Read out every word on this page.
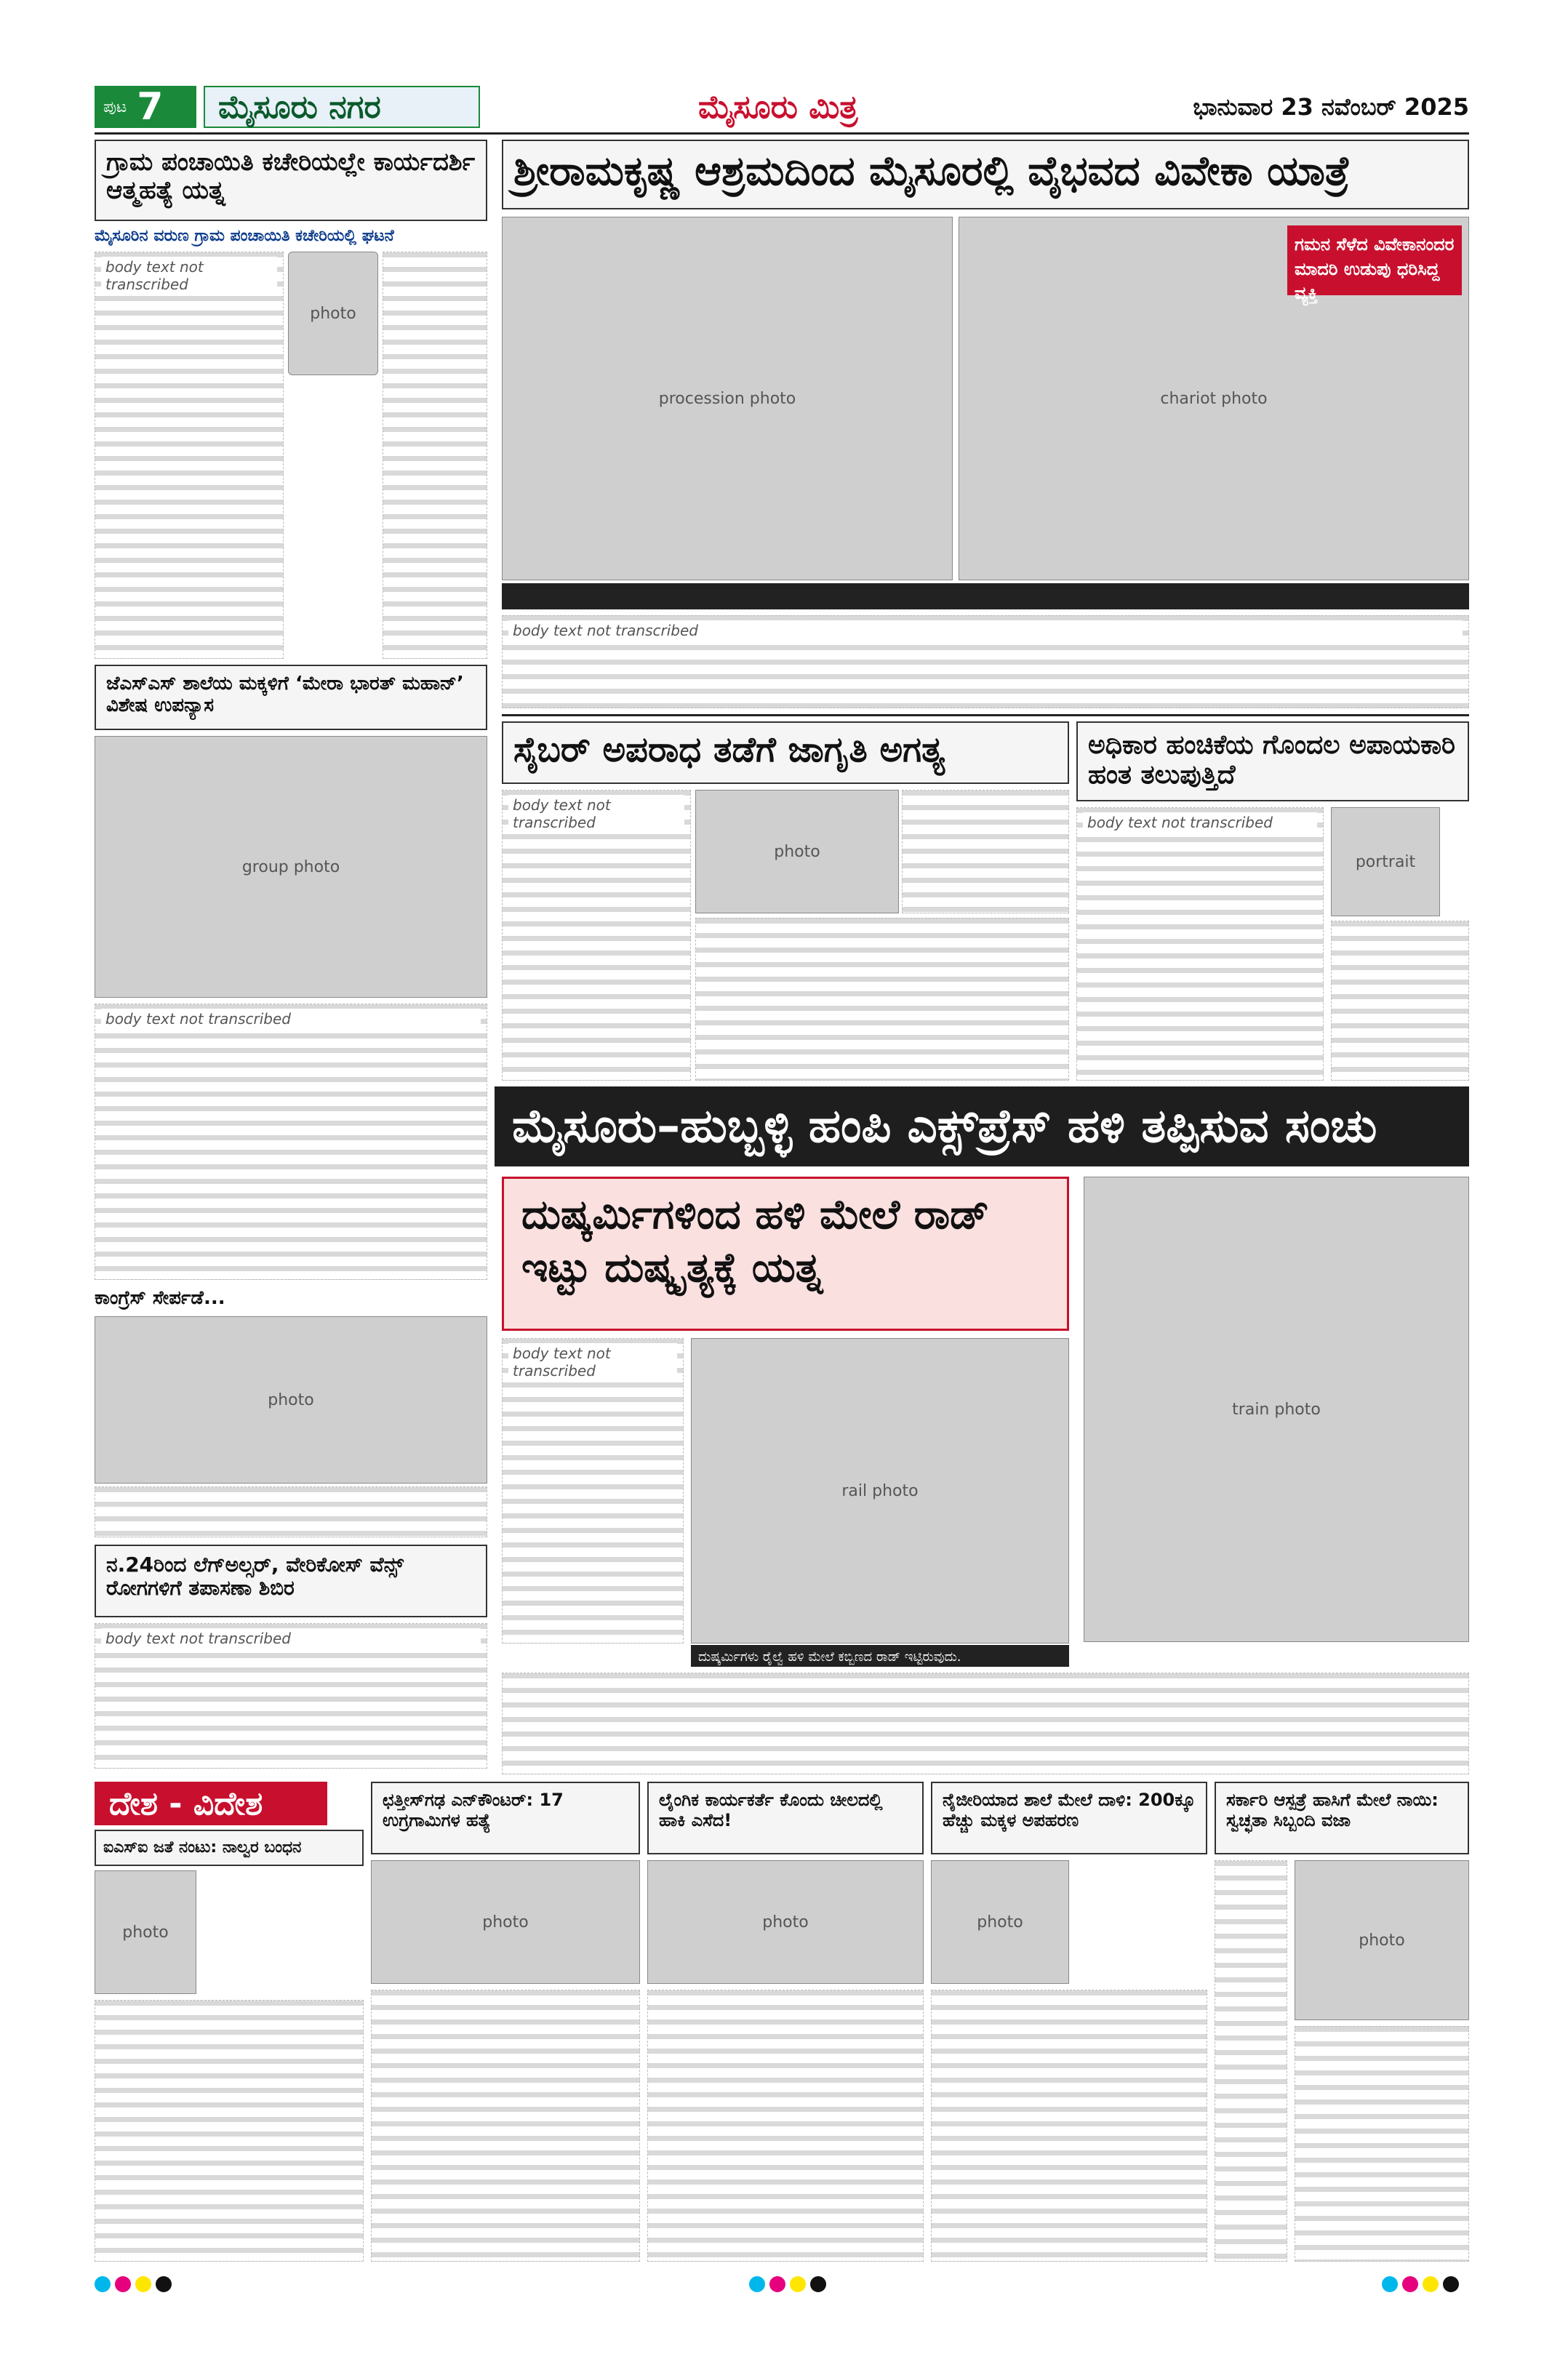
ಪುಟ 7	ಮೈಸೂರು ನಗರ	ಮೈಸೂರು ಮಿತ್ರ	ಭಾನುವಾರ 23 ನವೆಂಬರ್ 2025
ಗ್ರಾಮ ಪಂಚಾಯಿತಿ ಕಚೇರಿಯಲ್ಲೇ ಕಾರ್ಯದರ್ಶಿ ಆತ್ಮಹತ್ಯೆ ಯತ್ನ
ಮೈಸೂರಿನ ವರುಣ ಗ್ರಾಮ ಪಂಚಾಯಿತಿ ಕಚೇರಿಯಲ್ಲಿ ಘಟನೆ
body text not transcribed
photo
ಜೆಎಸ್‌ಎಸ್ ಶಾಲೆಯ ಮಕ್ಕಳಿಗೆ ‘ಮೇರಾ ಭಾರತ್ ಮಹಾನ್’ ವಿಶೇಷ ಉಪನ್ಯಾಸ
group photo
body text not transcribed
ಕಾಂಗ್ರೆಸ್ ಸೇರ್ಪಡೆ...
photo
ನ.24ರಿಂದ ಲೆಗ್‌ಅಲ್ಸರ್, ವೇರಿಕೋಸ್ ವೆನ್ಸ್ ರೋಗಗಳಿಗೆ ತಪಾಸಣಾ ಶಿಬಿರ
body text not transcribed
ಶ್ರೀರಾಮಕೃಷ್ಣ ಆಶ್ರಮದಿಂದ ಮೈಸೂರಲ್ಲಿ ವೈಭವದ ವಿವೇಕಾ ಯಾತ್ರೆ
procession photo	chariot photo
ಗಮನ ಸೆಳೆದ ವಿವೇಕಾನಂದರ ಮಾದರಿ ಉಡುಪು ಧರಿಸಿದ್ದ ವ್ಯಕ್ತಿ
body text not transcribed
ಸೈಬರ್ ಅಪರಾಧ ತಡೆಗೆ ಜಾಗೃತಿ ಅಗತ್ಯ
body text not transcribed
photo
ಅಧಿಕಾರ ಹಂಚಿಕೆಯ ಗೊಂದಲ ಅಪಾಯಕಾರಿ ಹಂತ ತಲುಪುತ್ತಿದೆ
portrait
body text not transcribed
ಮೈಸೂರು–ಹುಬ್ಬಳ್ಳಿ ಹಂಪಿ ಎಕ್ಸ್‌ಪ್ರೆಸ್ ಹಳಿ ತಪ್ಪಿಸುವ ಸಂಚು
ದುಷ್ಕರ್ಮಿಗಳಿಂದ ಹಳಿ ಮೇಲೆ ರಾಡ್ ಇಟ್ಟು ದುಷ್ಕೃತ್ಯಕ್ಕೆ ಯತ್ನ
train photo
body text not transcribed
rail photo
ದುಷ್ಕರ್ಮಿಗಳು ರೈಲ್ವೆ ಹಳಿ ಮೇಲೆ ಕಬ್ಬಿಣದ ರಾಡ್ ಇಟ್ಟಿರುವುದು.
ದೇಶ - ವಿದೇಶ
ಐಎಸ್‌ಐ ಜತೆ ನಂಟು: ನಾಲ್ವರ ಬಂಧನ
photo
ಛತ್ತೀಸ್‌ಗಢ ಎನ್‌ಕೌಂಟರ್: 17 ಉಗ್ರಗಾಮಿಗಳ ಹತ್ಯೆ
photo
ಲೈಂಗಿಕ ಕಾರ್ಯಕರ್ತೆ ಕೊಂದು ಚೀಲದಲ್ಲಿ ಹಾಕಿ ಎಸೆದ!
photo
ನೈಜೀರಿಯಾದ ಶಾಲೆ ಮೇಲೆ ದಾಳಿ: 200ಕ್ಕೂ ಹೆಚ್ಚು ಮಕ್ಕಳ ಅಪಹರಣ
photo
ಸರ್ಕಾರಿ ಆಸ್ಪತ್ರೆ ಹಾಸಿಗೆ ಮೇಲೆ ನಾಯಿ: ಸ್ವಚ್ಛತಾ ಸಿಬ್ಬಂದಿ ವಜಾ
photo
